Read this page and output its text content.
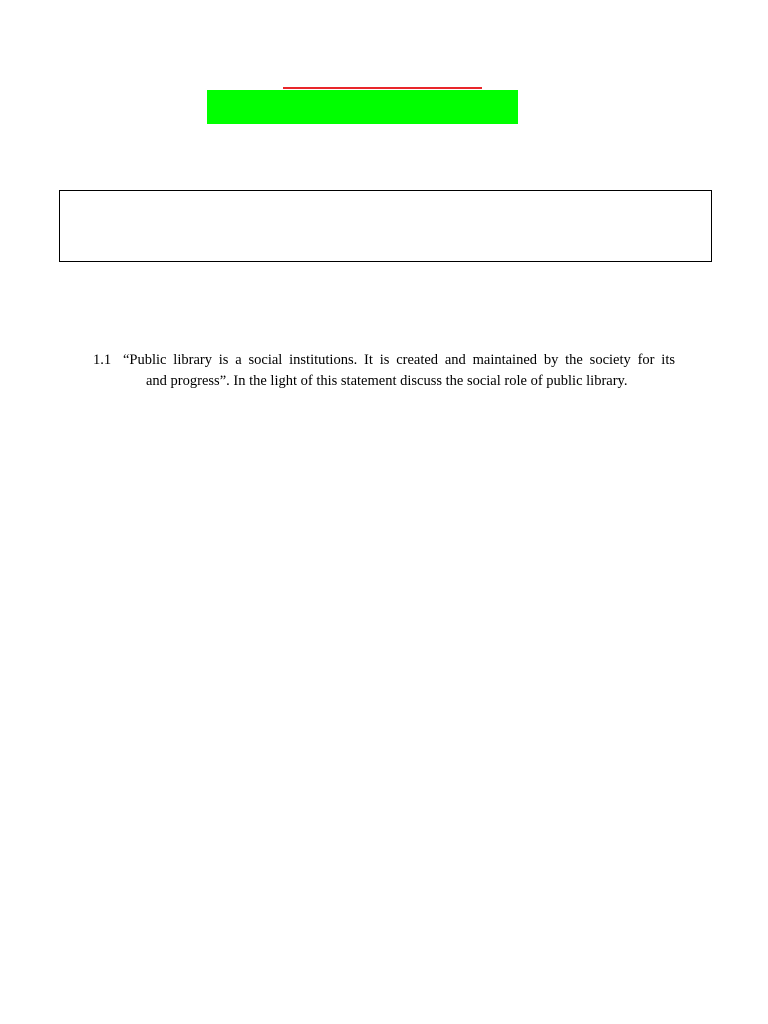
1.1 “Public library is a social institutions. It is created and maintained by the society for its
and progress”. In the light of this statement discuss the social role of public library.
